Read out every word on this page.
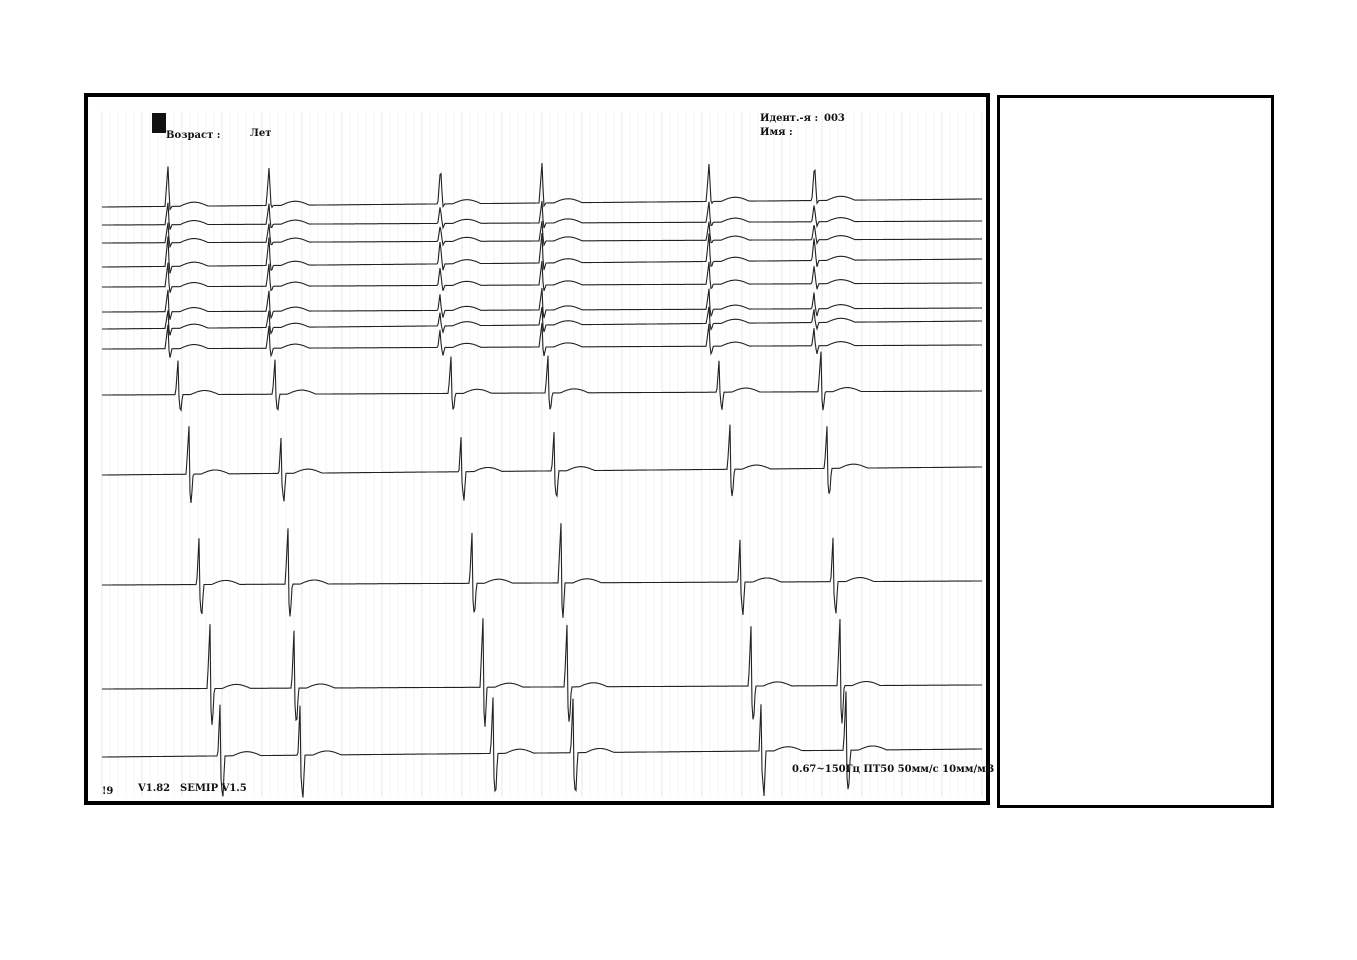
Возраст :	Лет
Идент.-я : 003
Имя :
!9 V1.82 SEMIP V1.5
0.67~150Гц ПТ50 50мм/с 10мм/мВ
